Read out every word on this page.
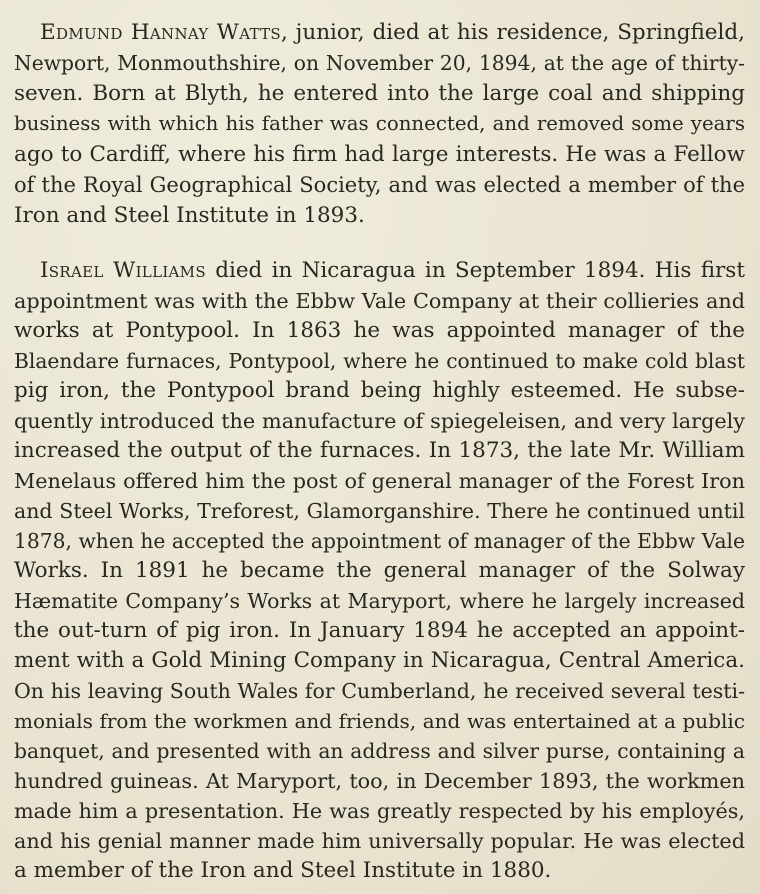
Edmund Hannay Watts, junior, died at his residence, Springfield,
Newport, Monmouthshire, on November 20, 1894, at the age of thirty-
seven. Born at Blyth, he entered into the large coal and shipping
business with which his father was connected, and removed some years
ago to Cardiff, where his firm had large interests. He was a Fellow
of the Royal Geographical Society, and was elected a member of the
Iron and Steel Institute in 1893.
Israel Williams died in Nicaragua in September 1894. His first
appointment was with the Ebbw Vale Company at their collieries and
works at Pontypool. In 1863 he was appointed manager of the
Blaendare furnaces, Pontypool, where he continued to make cold blast
pig iron, the Pontypool brand being highly esteemed. He subse-
quently introduced the manufacture of spiegeleisen, and very largely
increased the output of the furnaces. In 1873, the late Mr. William
Menelaus offered him the post of general manager of the Forest Iron
and Steel Works, Treforest, Glamorganshire. There he continued until
1878, when he accepted the appointment of manager of the Ebbw Vale
Works. In 1891 he became the general manager of the Solway
Hæmatite Company’s Works at Maryport, where he largely increased
the out-turn of pig iron. In January 1894 he accepted an appoint-
ment with a Gold Mining Company in Nicaragua, Central America.
On his leaving South Wales for Cumberland, he received several testi-
monials from the workmen and friends, and was entertained at a public
banquet, and presented with an address and silver purse, containing a
hundred guineas. At Maryport, too, in December 1893, the workmen
made him a presentation. He was greatly respected by his employés,
and his genial manner made him universally popular. He was elected
a member of the Iron and Steel Institute in 1880.
